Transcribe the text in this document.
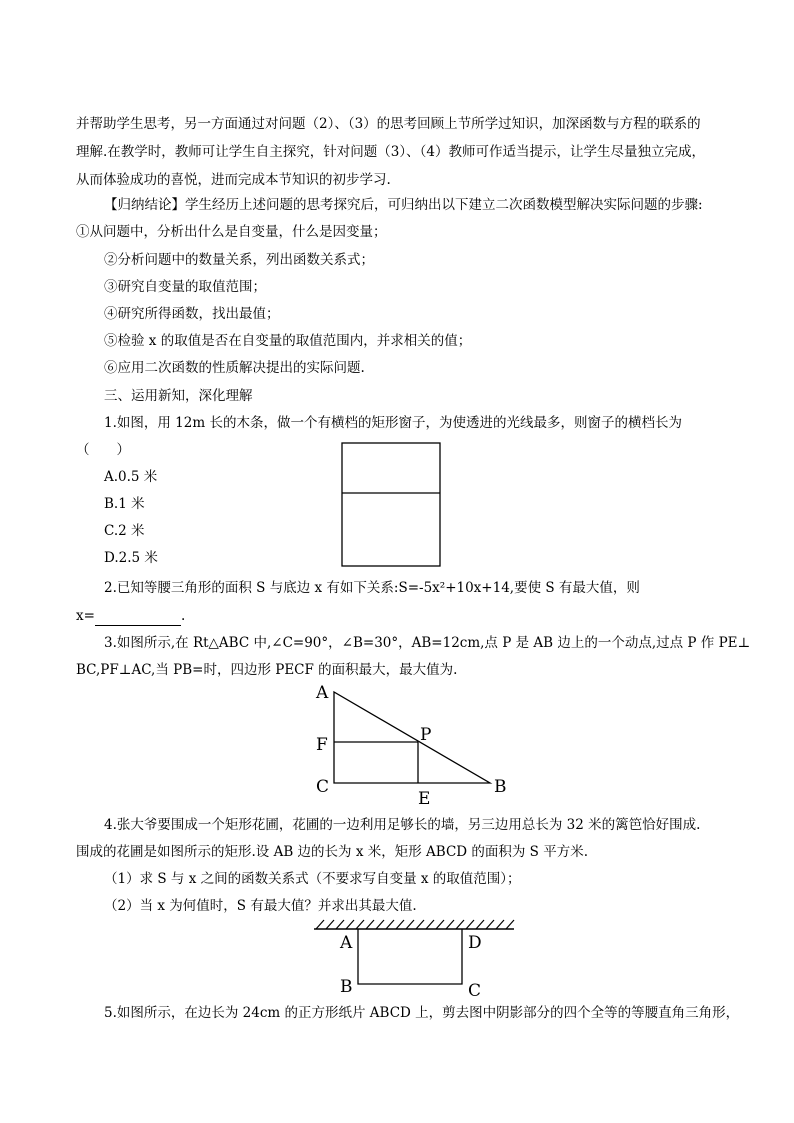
并帮助学生思考，另一方面通过对问题（2）、（3）的思考回顾上节所学过知识，加深函数与方程的联系的
理解.在教学时，教师可让学生自主探究，针对问题（3）、（4）教师可作适当提示，让学生尽量独立完成，
从而体验成功的喜悦，进而完成本节知识的初步学习.
【归纳结论】学生经历上述问题的思考探究后，可归纳出以下建立二次函数模型解决实际问题的步骤:
①从问题中，分析出什么是自变量，什么是因变量；
②分析问题中的数量关系，列出函数关系式；
③研究自变量的取值范围；
④研究所得函数，找出最值；
⑤检验 x 的取值是否在自变量的取值范围内，并求相关的值；
⑥应用二次函数的性质解决提出的实际问题.
三、运用新知，深化理解
1.如图，用 12m 长的木条，做一个有横档的矩形窗子，为使透进的光线最多，则窗子的横档长为
（　　）
A.0.5 米
B.1 米
C.2 米
D.2.5 米
2.已知等腰三角形的面积 S 与底边 x 有如下关系:S=-5x²+10x+14,要使 S 有最大值，则
x=	.
3.如图所示,在 Rt△ABC 中,∠C=90°，∠B=30°，AB=12cm,点 P 是 AB 边上的一个动点,过点 P 作 PE⊥
BC,PF⊥AC,当 PB=时，四边形 PECF 的面积最大，最大值为.
A
F
C
P
E
B
4.张大爷要围成一个矩形花圃，花圃的一边利用足够长的墙，另三边用总长为 32 米的篱笆恰好围成.
围成的花圃是如图所示的矩形.设 AB 边的长为 x 米，矩形 ABCD 的面积为 S 平方米.
（1）求 S 与 x 之间的函数关系式（不要求写自变量 x 的取值范围）；
（2）当 x 为何值时，S 有最大值？并求出其最大值.
A	D
B	C
5.如图所示，在边长为 24cm 的正方形纸片 ABCD 上，剪去图中阴影部分的四个全等的等腰直角三角形，
